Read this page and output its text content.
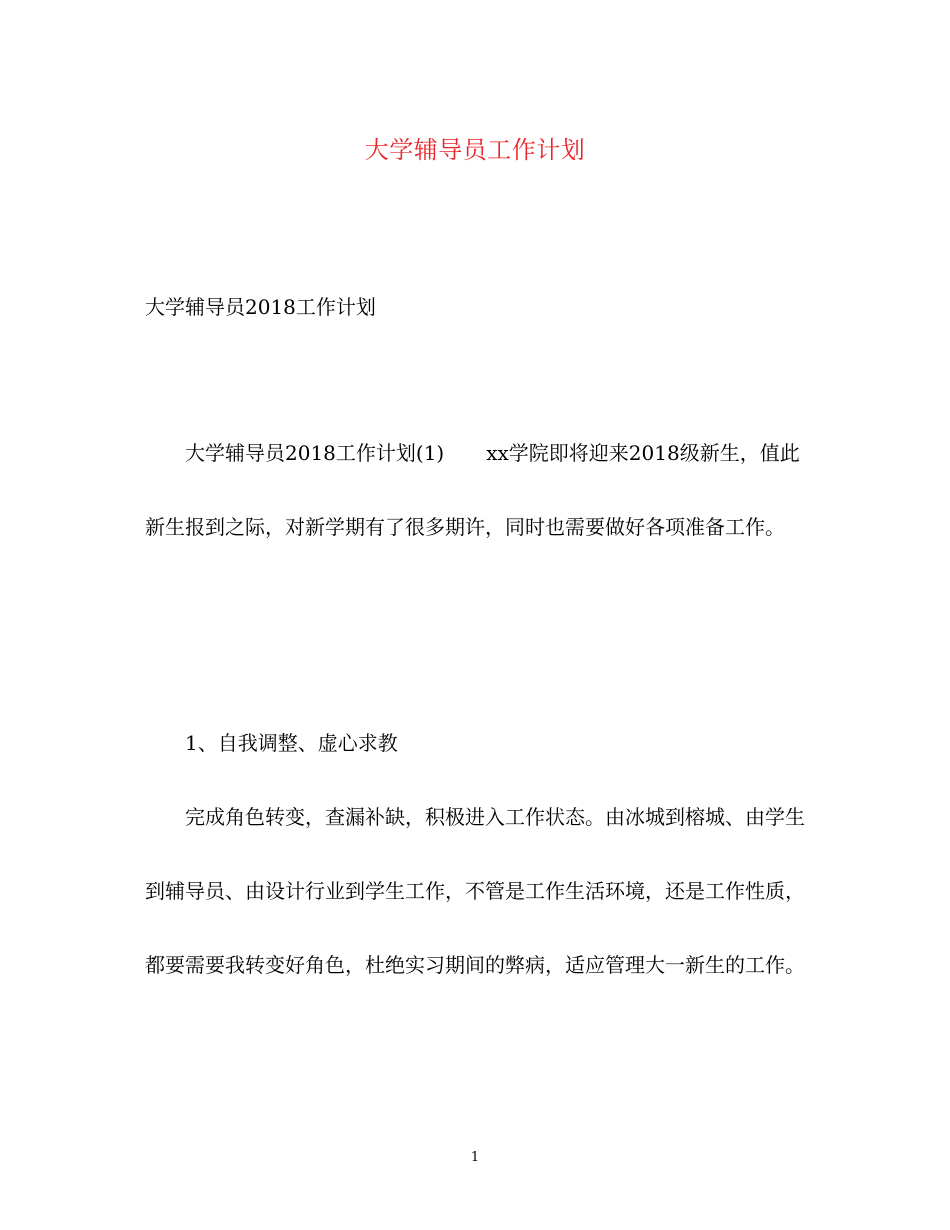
大学辅导员工作计划

大学辅导员2018工作计划

大学辅导员2018工作计划(1) xx学院即将迎来2018级新生，值此新生报到之际，对新学期有了很多期许，同时也需要做好各项准备工作。

1、自我调整、虚心求教

完成角色转变，查漏补缺，积极进入工作状态。由冰城到榕城、由学生到辅导员、由设计行业到学生工作，不管是工作生活环境，还是工作性质，都要需要我转变好角色，杜绝实习期间的弊病，适应管理大一新生的工作。

1
